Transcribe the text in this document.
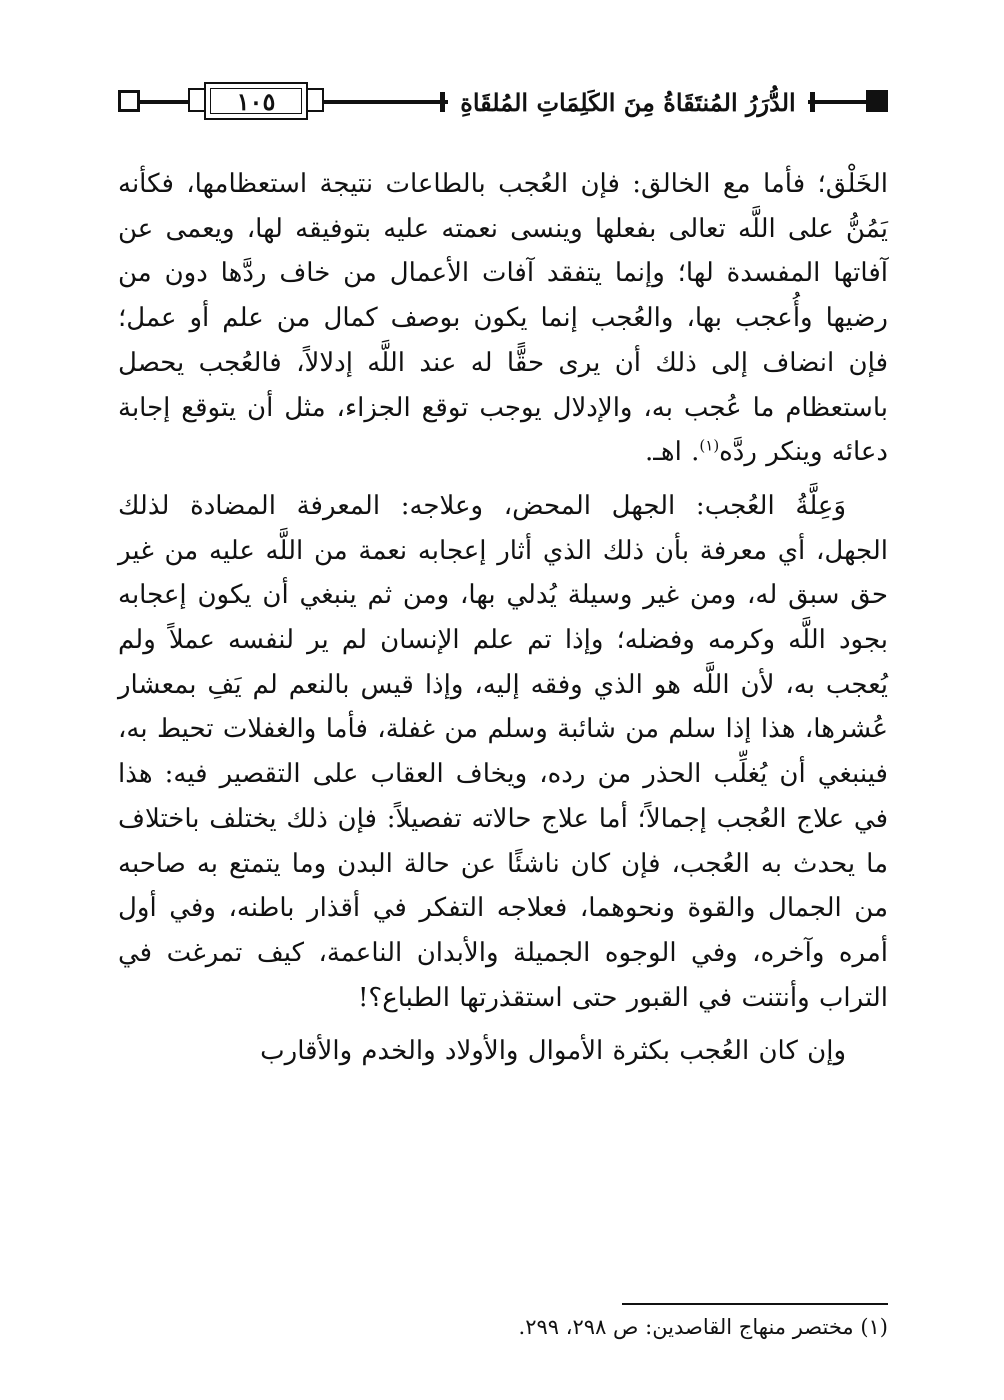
١٠٥	الدُّرَرُ المُنتَقَاةُ مِنَ الكَلِمَاتِ المُلقَاةِ

الخَلْق؛ فأما مع الخالق: فإن العُجب بالطاعات نتيجة استعظامها، فكأنه يَمُنُّ على اللَّه تعالى بفعلها وينسى نعمته عليه بتوفيقه لها، ويعمى عن آفاتها المفسدة لها؛ وإنما يتفقد آفات الأعمال من خاف ردَّها دون من رضيها وأُعجب بها، والعُجب إنما يكون بوصف كمال من علم أو عمل؛ فإن انضاف إلى ذلك أن يرى حقًّا له عند اللَّه إدلالاً، فالعُجب يحصل باستعظام ما عُجب به، والإدلال يوجب توقع الجزاء، مثل أن يتوقع إجابة دعائه وينكر ردَّه$^{(١)}$. اهـ.

وَعِلَّةُ العُجب: الجهل المحض، وعلاجه: المعرفة المضادة لذلك الجهل، أي معرفة بأن ذلك الذي أثار إعجابه نعمة من اللَّه عليه من غير حق سبق له، ومن غير وسيلة يُدلي بها، ومن ثم ينبغي أن يكون إعجابه بجود اللَّه وكرمه وفضله؛ وإذا تم علم الإنسان لم ير لنفسه عملاً ولم يُعجب به، لأن اللَّه هو الذي وفقه إليه، وإذا قيس بالنعم لم يَفِ بمعشار عُشرها، هذا إذا سلم من شائبة وسلم من غفلة، فأما والغفلات تحيط به، فينبغي أن يُغلِّب الحذر من رده، ويخاف العقاب على التقصير فيه: هذا في علاج العُجب إجمالاً؛ أما علاج حالاته تفصيلاً: فإن ذلك يختلف باختلاف ما يحدث به العُجب، فإن كان ناشئًا عن حالة البدن وما يتمتع به صاحبه من الجمال والقوة ونحوهما، فعلاجه التفكر في أقذار باطنه، وفي أول أمره وآخره، وفي الوجوه الجميلة والأبدان الناعمة، كيف تمرغت في التراب وأنتنت في القبور حتى استقذرتها الطباع؟!

وإن كان العُجب بكثرة الأموال والأولاد والخدم والأقارب

(١) مختصر منهاج القاصدين: ص ٢٩٨، ٢٩٩.
